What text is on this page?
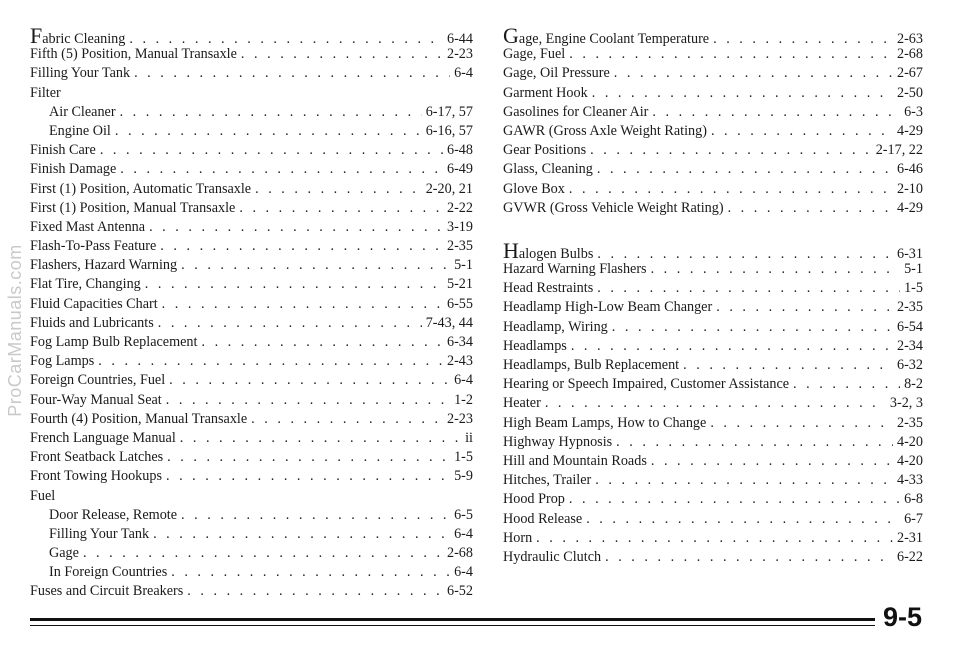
ProCarManuals.com
Fabric Cleaning . . .	6-44
Fifth (5) Position, Manual Transaxle . . .	2-23
Filling Your Tank . . .	6-4
Filter
Air Cleaner . . .	6-17, 57
Engine Oil . . .	6-16, 57
Finish Care . . .	6-48
Finish Damage . . .	6-49
First (1) Position, Automatic Transaxle . . .	2-20, 21
First (1) Position, Manual Transaxle . . .	2-22
Fixed Mast Antenna . . .	3-19
Flash-To-Pass Feature . . .	2-35
Flashers, Hazard Warning . . .	5-1
Flat Tire, Changing . . .	5-21
Fluid Capacities Chart . . .	6-55
Fluids and Lubricants . . .	7-43, 44
Fog Lamp Bulb Replacement . . .	6-34
Fog Lamps . . .	2-43
Foreign Countries, Fuel . . .	6-4
Four-Way Manual Seat . . .	1-2
Fourth (4) Position, Manual Transaxle . . .	2-23
French Language Manual . . .	ii
Front Seatback Latches . . .	1-5
Front Towing Hookups . . .	5-9
Fuel
Door Release, Remote . . .	6-5
Filling Your Tank . . .	6-4
Gage . . .	2-68
In Foreign Countries . . .	6-4
Fuses and Circuit Breakers . . .	6-52
Gage, Engine Coolant Temperature . . .	2-63
Gage, Fuel . . .	2-68
Gage, Oil Pressure . . .	2-67
Garment Hook . . .	2-50
Gasolines for Cleaner Air . . .	6-3
GAWR (Gross Axle Weight Rating) . . .	4-29
Gear Positions . . .	2-17, 22
Glass, Cleaning . . .	6-46
Glove Box . . .	2-10
GVWR (Gross Vehicle Weight Rating) . . .	4-29
Halogen Bulbs . . .	6-31
Hazard Warning Flashers . . .	5-1
Head Restraints . . .	1-5
Headlamp High-Low Beam Changer . . .	2-35
Headlamp, Wiring . . .	6-54
Headlamps . . .	2-34
Headlamps, Bulb Replacement . . .	6-32
Hearing or Speech Impaired, Customer Assistance . . .	8-2
Heater . . .	3-2, 3
High Beam Lamps, How to Change . . .	2-35
Highway Hypnosis . . .	4-20
Hill and Mountain Roads . . .	4-20
Hitches, Trailer . . .	4-33
Hood Prop . . .	6-8
Hood Release . . .	6-7
Horn . . .	2-31
Hydraulic Clutch . . .	6-22
9-5
